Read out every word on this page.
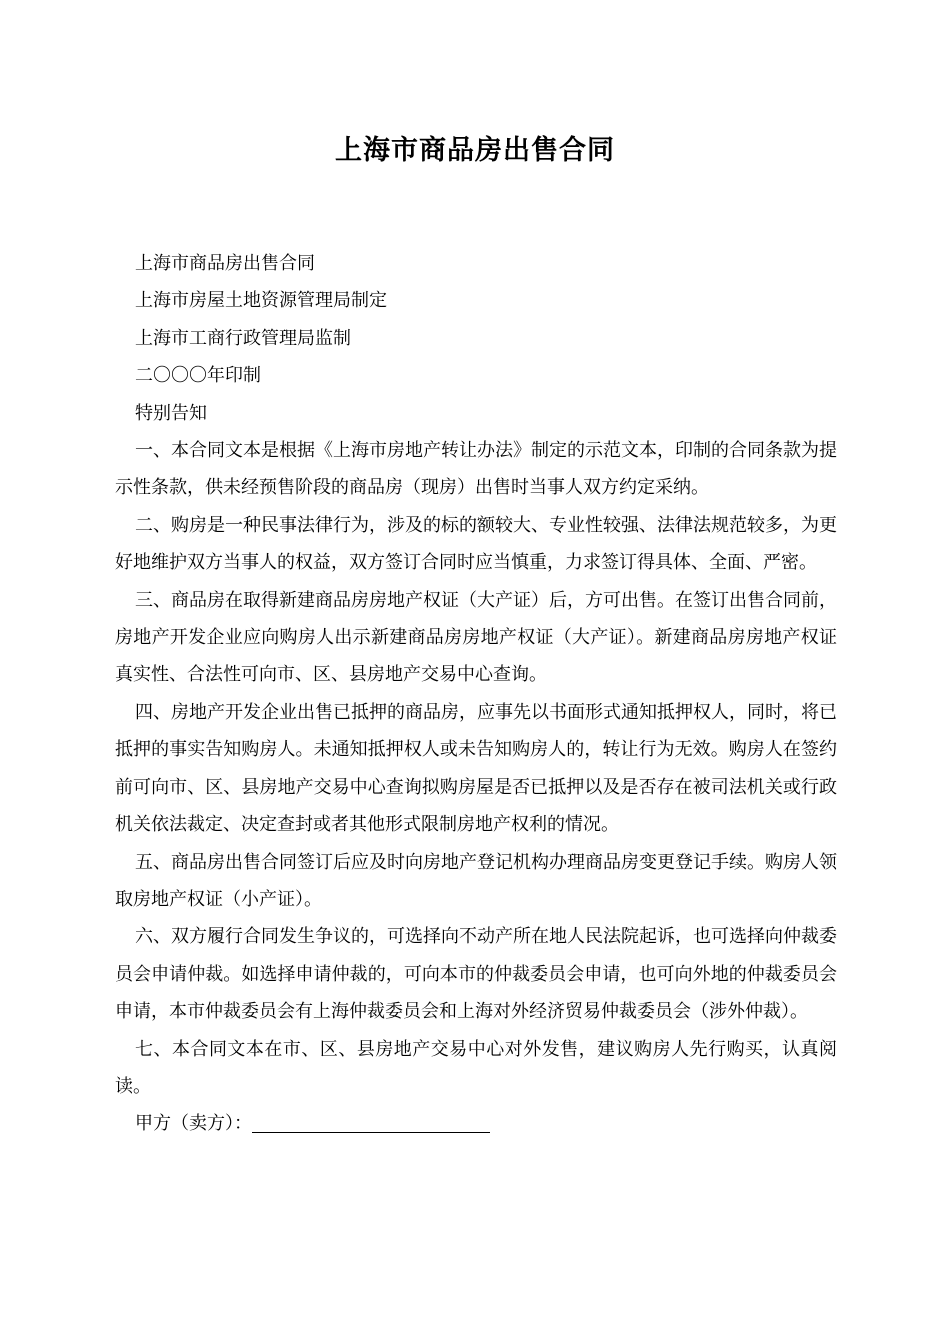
上海市商品房出售合同

上海市商品房出售合同

上海市房屋土地资源管理局制定

上海市工商行政管理局监制

二〇〇〇年印制

特别告知

一、本合同文本是根据《上海市房地产转让办法》制定的示范文本，印制的合同条款为提示性条款，供未经预售阶段的商品房（现房）出售时当事人双方约定采纳。

二、购房是一种民事法律行为，涉及的标的额较大、专业性较强、法律法规范较多，为更好地维护双方当事人的权益，双方签订合同时应当慎重，力求签订得具体、全面、严密。

三、商品房在取得新建商品房房地产权证（大产证）后，方可出售。在签订出售合同前，房地产开发企业应向购房人出示新建商品房房地产权证（大产证）。新建商品房房地产权证真实性、合法性可向市、区、县房地产交易中心查询。

四、房地产开发企业出售已抵押的商品房，应事先以书面形式通知抵押权人，同时，将已抵押的事实告知购房人。未通知抵押权人或未告知购房人的，转让行为无效。购房人在签约前可向市、区、县房地产交易中心查询拟购房屋是否已抵押以及是否存在被司法机关或行政机关依法裁定、决定查封或者其他形式限制房地产权利的情况。

五、商品房出售合同签订后应及时向房地产登记机构办理商品房变更登记手续。购房人领取房地产权证（小产证）。

六、双方履行合同发生争议的，可选择向不动产所在地人民法院起诉，也可选择向仲裁委员会申请仲裁。如选择申请仲裁的，可向本市的仲裁委员会申请，也可向外地的仲裁委员会申请，本市仲裁委员会有上海仲裁委员会和上海对外经济贸易仲裁委员会（涉外仲裁）。

七、本合同文本在市、区、县房地产交易中心对外发售，建议购房人先行购买，认真阅读。

甲方（卖方）：
